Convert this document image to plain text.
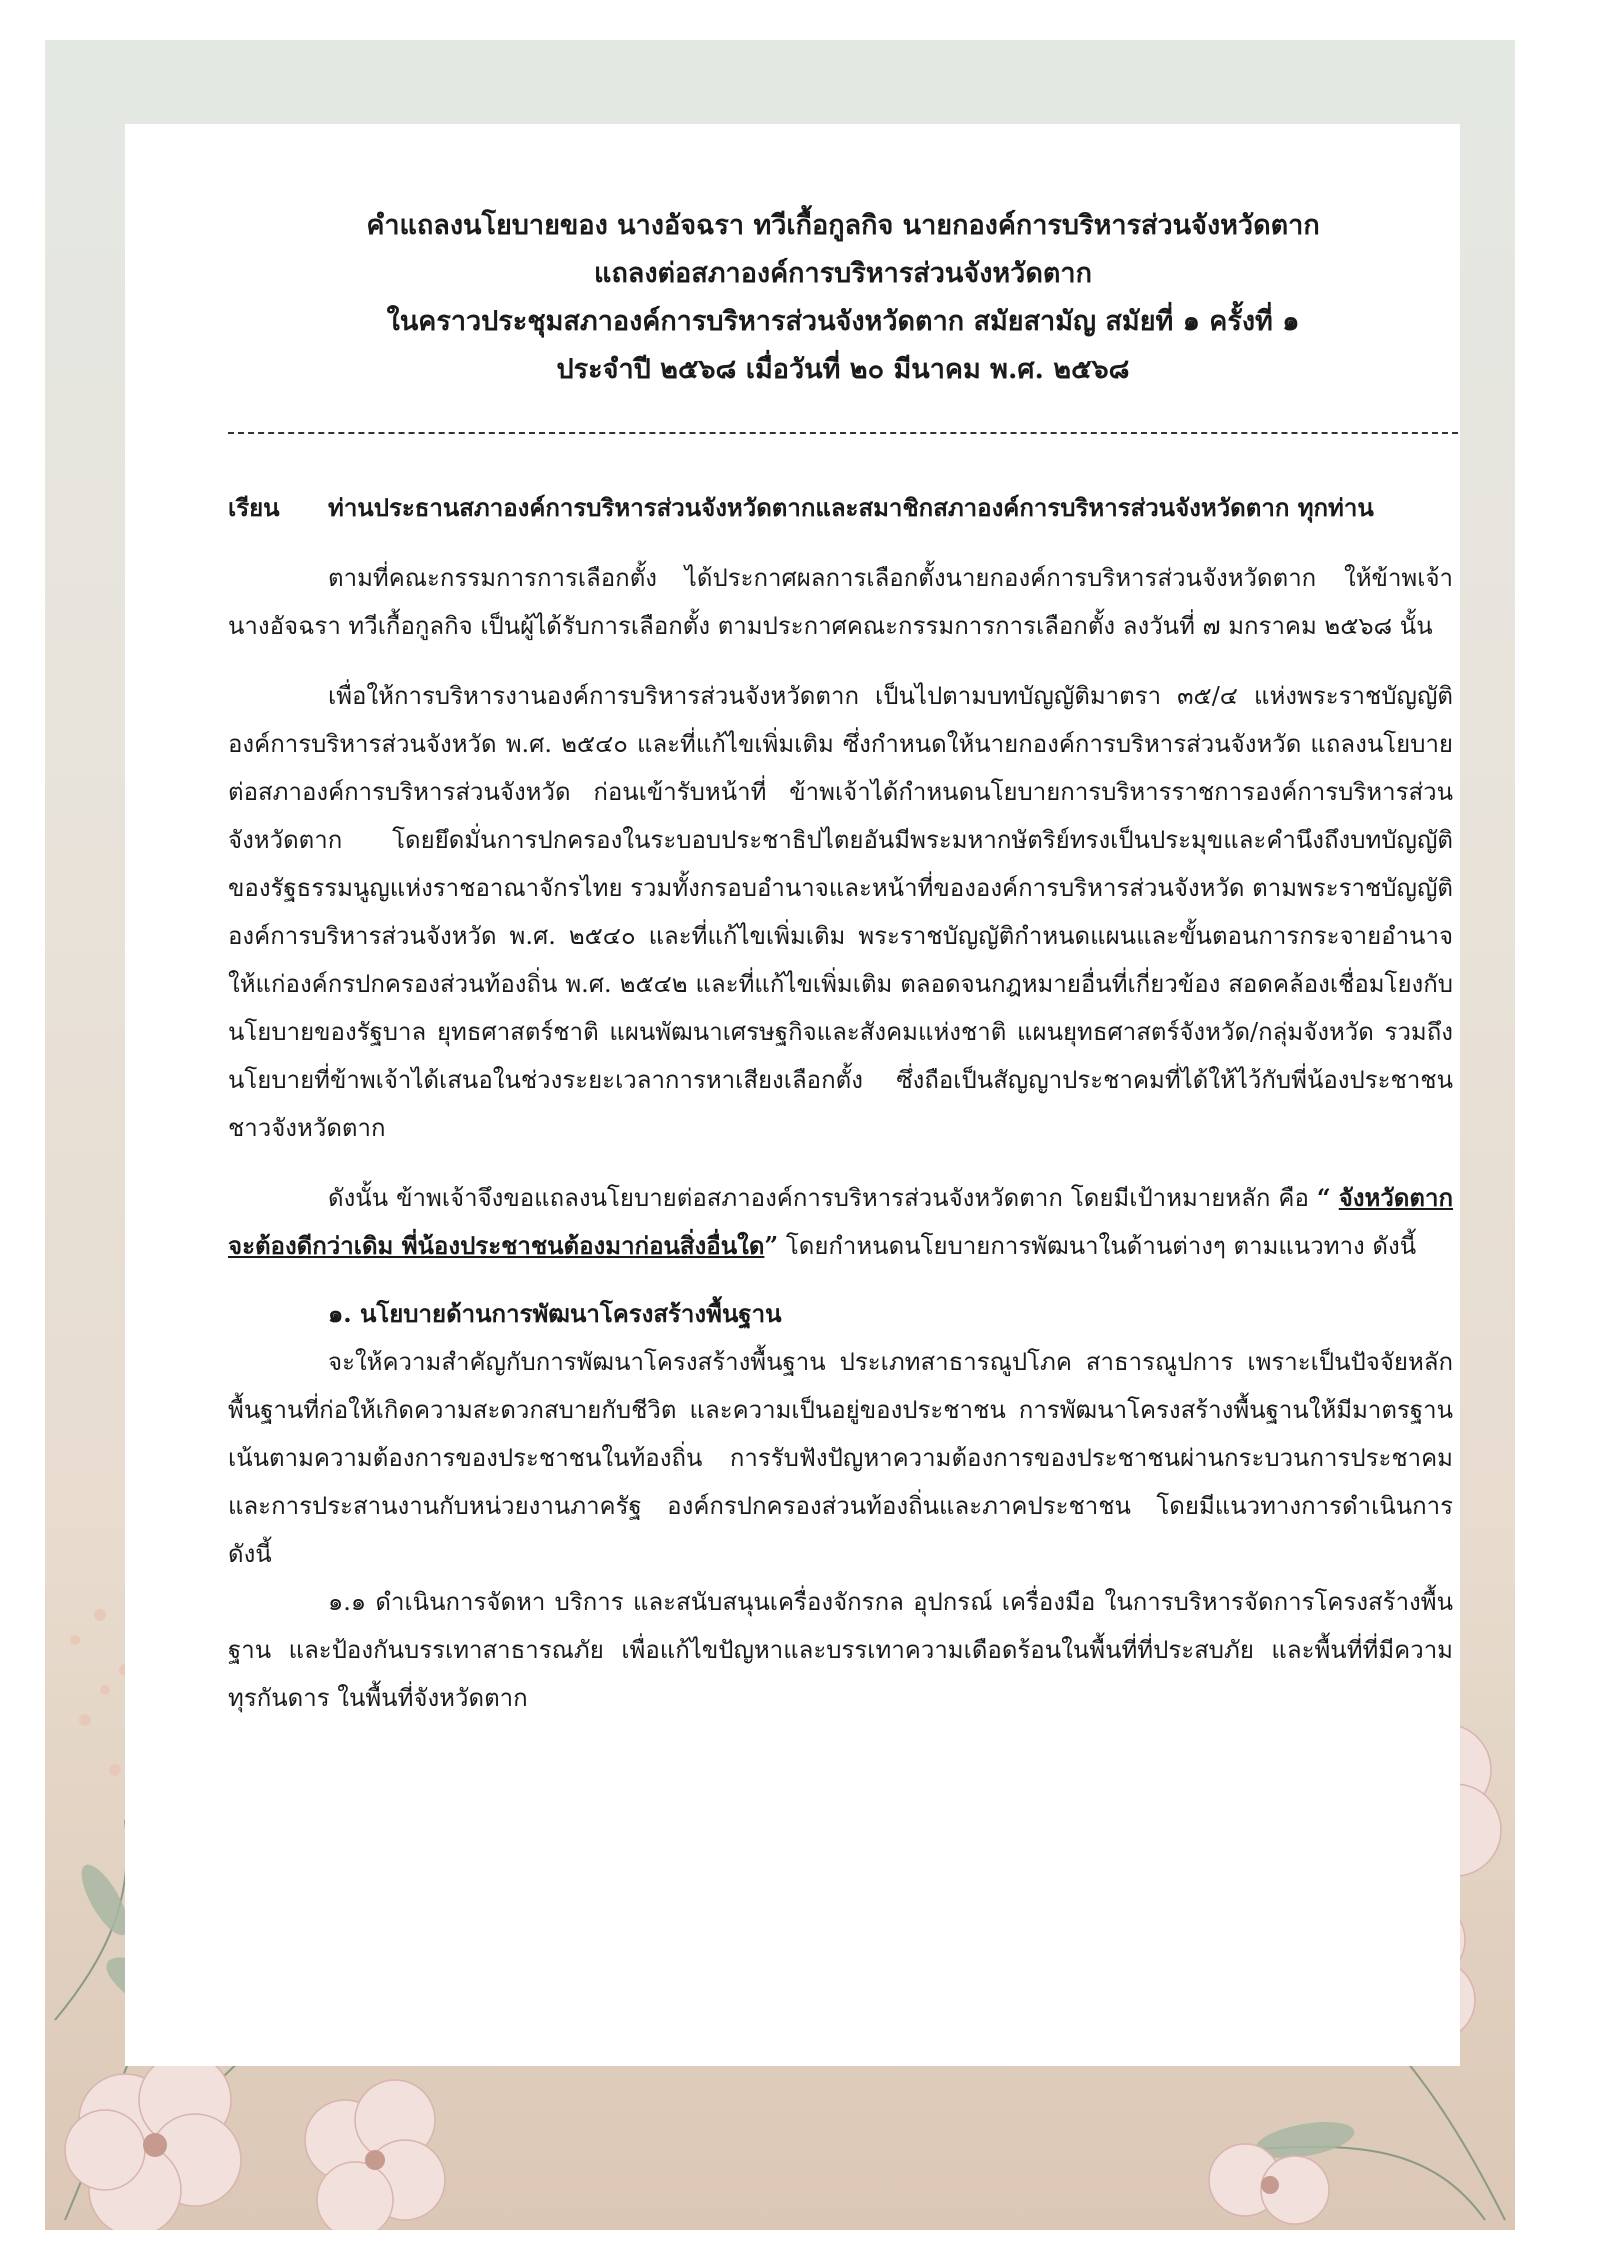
คำแถลงนโยบายของ นางอัจฉรา ทวีเกื้อกูลกิจ นายกองค์การบริหารส่วนจังหวัดตาก
แถลงต่อสภาองค์การบริหารส่วนจังหวัดตาก
ในคราวประชุมสภาองค์การบริหารส่วนจังหวัดตาก สมัยสามัญ สมัยที่ ๑ ครั้งที่ ๑
ประจำปี ๒๕๖๘ เมื่อวันที่ ๒๐ มีนาคม พ.ศ. ๒๕๖๘
เรียน	ท่านประธานสภาองค์การบริหารส่วนจังหวัดตากและสมาชิกสภาองค์การบริหารส่วนจังหวัดตาก ทุกท่าน

ตามที่คณะกรรมการการเลือกตั้ง ได้ประกาศผลการเลือกตั้งนายกองค์การบริหารส่วนจังหวัดตาก ให้ข้าพเจ้านางอัจฉรา ทวีเกื้อกูลกิจ เป็นผู้ได้รับการเลือกตั้ง ตามประกาศคณะกรรมการการเลือกตั้ง ลงวันที่ ๗ มกราคม ๒๕๖๘ นั้น

เพื่อให้การบริหารงานองค์การบริหารส่วนจังหวัดตาก เป็นไปตามบทบัญญัติมาตรา ๓๕/๔ แห่งพระราชบัญญัติองค์การบริหารส่วนจังหวัด พ.ศ. ๒๕๔๐ และที่แก้ไขเพิ่มเติม ซึ่งกำหนดให้นายกองค์การบริหารส่วนจังหวัด แถลงนโยบายต่อสภาองค์การบริหารส่วนจังหวัด ก่อนเข้ารับหน้าที่ ข้าพเจ้าได้กำหนดนโยบายการบริหารราชการองค์การบริหารส่วนจังหวัดตาก โดยยึดมั่นการปกครองในระบอบประชาธิปไตยอันมีพระมหากษัตริย์ทรงเป็นประมุขและคำนึงถึงบทบัญญัติของรัฐธรรมนูญแห่งราชอาณาจักรไทย รวมทั้งกรอบอำนาจและหน้าที่ขององค์การบริหารส่วนจังหวัด ตามพระราชบัญญัติองค์การบริหารส่วนจังหวัด พ.ศ. ๒๕๔๐ และที่แก้ไขเพิ่มเติม พระราชบัญญัติกำหนดแผนและขั้นตอนการกระจายอำนาจให้แก่องค์กรปกครองส่วนท้องถิ่น พ.ศ. ๒๕๔๒ และที่แก้ไขเพิ่มเติม ตลอดจนกฎหมายอื่นที่เกี่ยวข้อง สอดคล้องเชื่อมโยงกับนโยบายของรัฐบาล ยุทธศาสตร์ชาติ แผนพัฒนาเศรษฐกิจและสังคมแห่งชาติ แผนยุทธศาสตร์จังหวัด/กลุ่มจังหวัด รวมถึงนโยบายที่ข้าพเจ้าได้เสนอในช่วงระยะเวลาการหาเสียงเลือกตั้ง ซึ่งถือเป็นสัญญาประชาคมที่ได้ให้ไว้กับพี่น้องประชาชนชาวจังหวัดตาก

ดังนั้น ข้าพเจ้าจึงขอแถลงนโยบายต่อสภาองค์การบริหารส่วนจังหวัดตาก โดยมีเป้าหมายหลัก คือ “ จังหวัดตาก จะต้องดีกว่าเดิม พี่น้องประชาชนต้องมาก่อนสิ่งอื่นใด” โดยกำหนดนโยบายการพัฒนาในด้านต่างๆ ตามแนวทาง ดังนี้

๑. นโยบายด้านการพัฒนาโครงสร้างพื้นฐาน

จะให้ความสำคัญกับการพัฒนาโครงสร้างพื้นฐาน ประเภทสาธารณูปโภค สาธารณูปการ เพราะเป็นปัจจัยหลักพื้นฐานที่ก่อให้เกิดความสะดวกสบายกับชีวิต และความเป็นอยู่ของประชาชน การพัฒนาโครงสร้างพื้นฐานให้มีมาตรฐาน เน้นตามความต้องการของประชาชนในท้องถิ่น การรับฟังปัญหาความต้องการของประชาชนผ่านกระบวนการประชาคม และการประสานงานกับหน่วยงานภาครัฐ องค์กรปกครองส่วนท้องถิ่นและภาคประชาชน โดยมีแนวทางการดำเนินการ ดังนี้

๑.๑ ดำเนินการจัดหา บริการ และสนับสนุนเครื่องจักรกล อุปกรณ์ เครื่องมือ ในการบริหารจัดการโครงสร้างพื้นฐาน และป้องกันบรรเทาสาธารณภัย เพื่อแก้ไขปัญหาและบรรเทาความเดือดร้อนในพื้นที่ที่ประสบภัย และพื้นที่ที่มีความทุรกันดาร ในพื้นที่จังหวัดตาก
